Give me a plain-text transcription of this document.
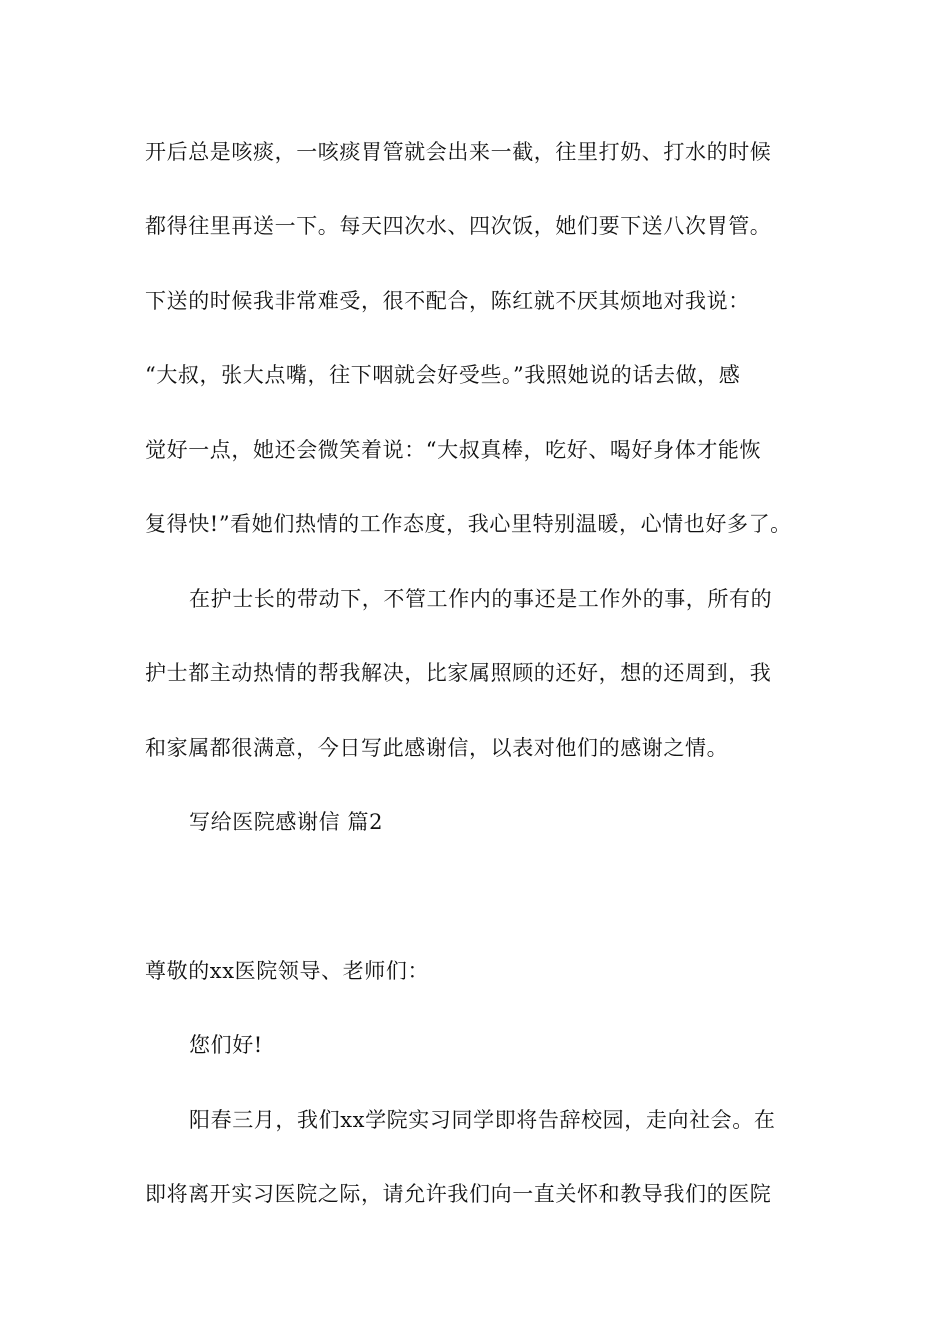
开后总是咳痰，一咳痰胃管就会出来一截，往里打奶、打水的时候
都得往里再送一下。每天四次水、四次饭，她们要下送八次胃管。
下送的时候我非常难受，很不配合，陈红就不厌其烦地对我说：
“大叔，张大点嘴，往下咽就会好受些。”我照她说的话去做，感
觉好一点，她还会微笑着说：“大叔真棒，吃好、喝好身体才能恢
复得快!”看她们热情的工作态度，我心里特别温暖，心情也好多了。
在护士长的带动下，不管工作内的事还是工作外的事，所有的
护士都主动热情的帮我解决，比家属照顾的还好，想的还周到，我
和家属都很满意，今日写此感谢信，以表对他们的感谢之情。
写给医院感谢信 篇2
尊敬的xx医院领导、老师们：
您们好!
阳春三月，我们xx学院实习同学即将告辞校园，走向社会。在
即将离开实习医院之际，请允许我们向一直关怀和教导我们的医院
